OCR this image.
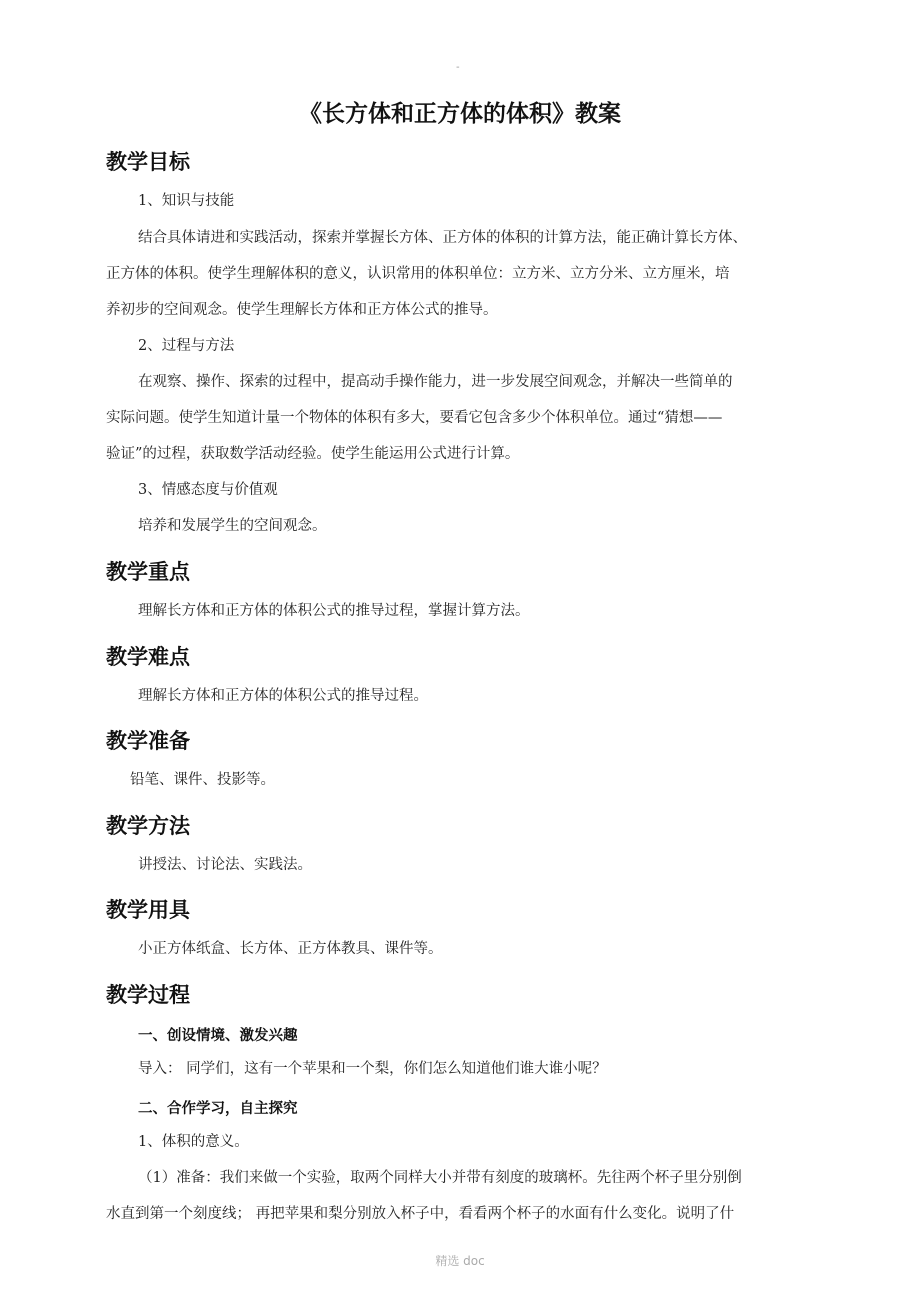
-
《长方体和正方体的体积》教案
教学目标
1、知识与技能
结合具体请进和实践活动，探索并掌握长方体、正方体的体积的计算方法，能正确计算长方体、
正方体的体积。使学生理解体积的意义，认识常用的体积单位：立方米、立方分米、立方厘米，培
养初步的空间观念。使学生理解长方体和正方体公式的推导。
2、过程与方法
在观察、操作、探索的过程中，提高动手操作能力，进一步发展空间观念，并解决一些简单的
实际问题。使学生知道计量一个物体的体积有多大，要看它包含多少个体积单位。通过“猜想——
验证”的过程，获取数学活动经验。使学生能运用公式进行计算。
3、情感态度与价值观
培养和发展学生的空间观念。
教学重点
理解长方体和正方体的体积公式的推导过程，掌握计算方法。
教学难点
理解长方体和正方体的体积公式的推导过程。
教学准备
铅笔、课件、投影等。
教学方法
讲授法、讨论法、实践法。
教学用具
小正方体纸盒、长方体、正方体教具、课件等。
教学过程
一、创设情境、激发兴趣
导入： 同学们，这有一个苹果和一个梨，你们怎么知道他们谁大谁小呢？
二、合作学习，自主探究
1、体积的意义。
（1）准备：我们来做一个实验，取两个同样大小并带有刻度的玻璃杯。先往两个杯子里分别倒
水直到第一个刻度线； 再把苹果和梨分别放入杯子中，看看两个杯子的水面有什么变化。说明了什
精选 doc
